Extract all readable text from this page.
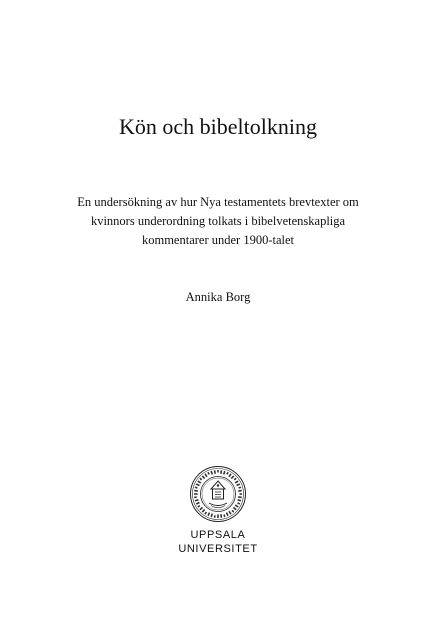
Kön och bibeltolkning
En undersökning av hur Nya testamentets brevtexter om
kvinnors underordning tolkats i bibelvetenskapliga
kommentarer under 1900-talet
Annika Borg
UPPSALA
UNIVERSITET
